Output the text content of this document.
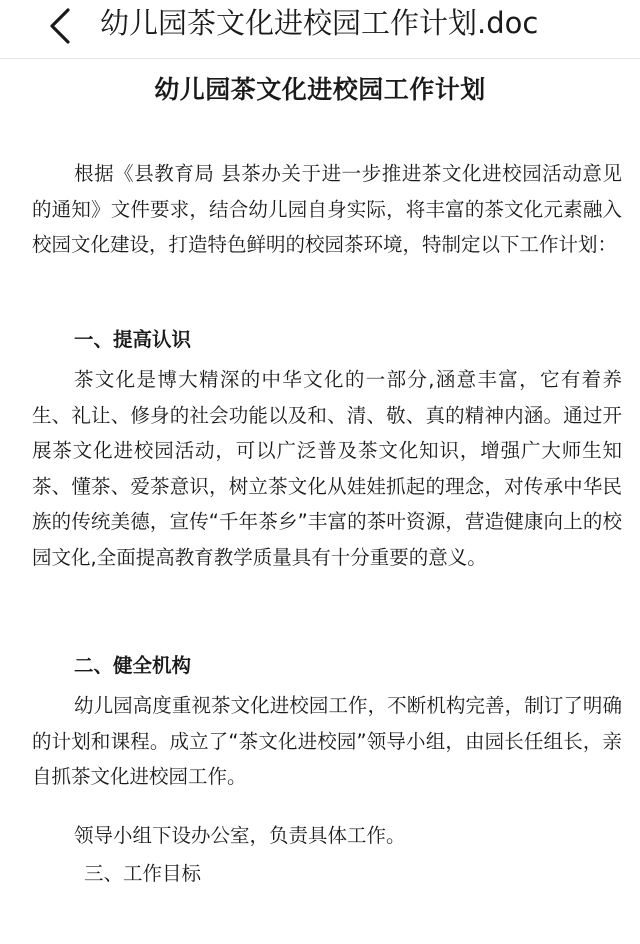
幼儿园茶文化进校园工作计划.doc
幼儿园茶文化进校园工作计划

根据《县教育局 县茶办关于进一步推进茶文化进校园活动意见的通知》文件要求，结合幼儿园自身实际，将丰富的茶文化元素融入校园文化建设，打造特色鲜明的校园茶环境，特制定以下工作计划：

一、提高认识

茶文化是博大精深的中华文化的一部分,涵意丰富，它有着养生、礼让、修身的社会功能以及和、清、敬、真的精神内涵。通过开展茶文化进校园活动，可以广泛普及茶文化知识，增强广大师生知茶、懂茶、爱茶意识，树立茶文化从娃娃抓起的理念，对传承中华民族的传统美德，宣传“千年茶乡”丰富的茶叶资源，营造健康向上的校园文化,全面提高教育教学质量具有十分重要的意义。

二、健全机构

幼儿园高度重视茶文化进校园工作，不断机构完善，制订了明确的计划和课程。成立了“茶文化进校园”领导小组，由园长任组长，亲自抓茶文化进校园工作。

领导小组下设办公室，负责具体工作。

三、工作目标
